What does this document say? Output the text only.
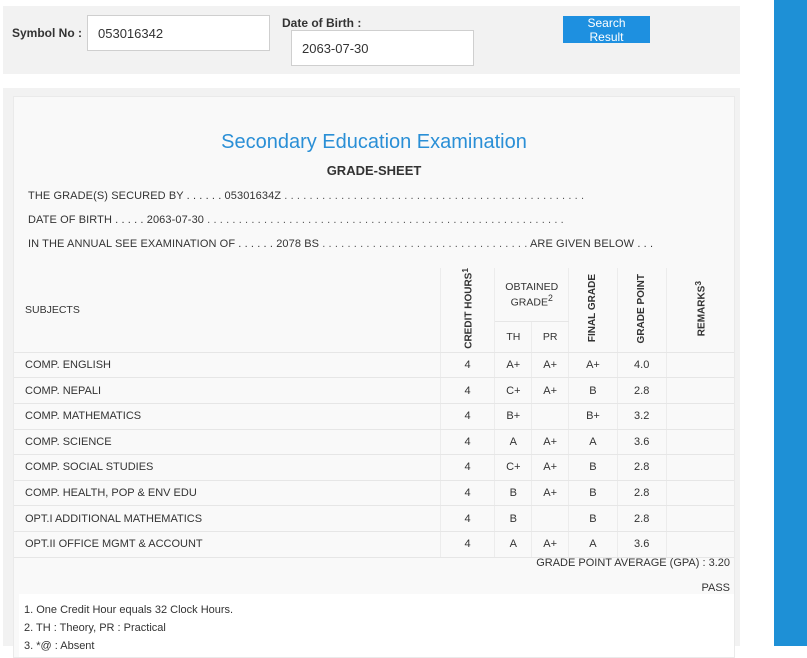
Symbol No : 053016342
Date of Birth :
2063-07-30
Search Result
Secondary Education Examination
GRADE-SHEET
THE GRADE(S) SECURED BY . . . . . . 05301634Z . . . . . . . . . . . . . . . . . . . . . . . . . . . . . . . . . . . . . . . . . . . . . . . .
DATE OF BIRTH . . . . . 2063-07-30 . . . . . . . . . . . . . . . . . . . . . . . . . . . . . . . . . . . . . . . . . . . . . . . . . . . . . . . . .
IN THE ANNUAL SEE EXAMINATION OF . . . . . . 2078 BS . . . . . . . . . . . . . . . . . . . . . . . . . . . . . . . . . ARE GIVEN BELOW . . .
SUBJECTS	CREDIT HOURS$^1$	OBTAINED GRADE$^2$		FINAL GRADE	GRADE POINT	REMARKS$^3$
		TH	PR			
COMP. ENGLISH	4	A+	A+	A+	4.0	
COMP. NEPALI	4	C+	A+	B	2.8	
COMP. MATHEMATICS	4	B+		B+	3.2	
COMP. SCIENCE	4	A	A+	A	3.6	
COMP. SOCIAL STUDIES	4	C+	A+	B	2.8	
COMP. HEALTH, POP & ENV EDU	4	B	A+	B	2.8	
OPT.I ADDITIONAL MATHEMATICS	4	B		B	2.8	
OPT.II OFFICE MGMT & ACCOUNT	4	A	A+	A	3.6	
GRADE POINT AVERAGE (GPA) : 3.20
PASS
1. One Credit Hour equals 32 Clock Hours.
2. TH : Theory, PR : Practical
3. *@ : Absent
